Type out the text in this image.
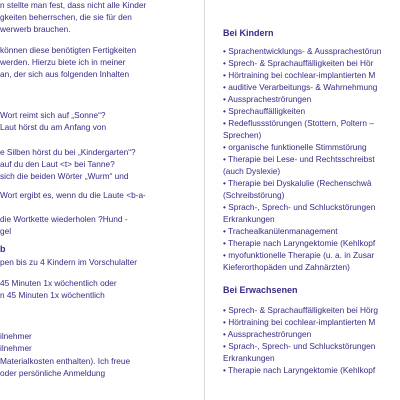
n stellte man fest, dass nicht alle Kinder
gkeiten beherrschen, die sie für den
werwerb brauchen.
können diese benötigten Fertigkeiten
werden. Hierzu biete ich in meiner
an, der sich aus folgenden Inhalten
Wort reimt sich auf „Sonne“?
Laut hörst du am Anfang von
e Silben hörst du bei „Kindergarten“?
auf du den Laut <t> bei Tanne?
sich die beiden Wörter „Wurm“ und
Wort ergibt es, wenn du die Laute <b-a-
die Wortkette wiederholen ?Hund -
gel
b
pen bis zu 4 Kindern im Vorschulalter
45 Minuten 1x wöchentlich oder
n 45 Minuten 1x wöchentlich
ilnehmer
ilnehmer
Materialkosten enthalten). Ich freue
oder persönliche Anmeldung
Bei Kindern
• Sprachentwicklungs- & Aussprachestörun
• Sprech- & Sprachauffälligkeiten bei Hör
• Hörtraining bei cochlear-implantierten M
• auditive Verarbeitungs- & Wahrnehmung
• Ausspracheströrungen
• Sprechauffälligkeiten
• Redeflussstörungen (Stottern, Poltern –
Sprechen)
• organische funktionelle Stimmstörung
• Therapie bei Lese- und Rechtsschreibst
(auch Dyslexie)
• Therapie bei Dyskalulie (Rechenschwä
(Schreibstörung)
• Sprach-, Sprech- und Schluckstörungen
Erkrankungen
• Trachealkanülenmanagement
• Therapie nach Laryngektomie (Kehlkopf
• myofunktionelle Therapie (u. a. in Zusar
Kieferorthopäden und Zahnärzten)
Bei Erwachsenen
• Sprech- & Sprachauffälligkeiten bei Hörg
• Hörtraining bei cochlear-implantierten M
• Ausspracheströrungen
• Sprach-, Sprech- und Schluckstörungen
Erkrankungen
• Therapie nach Laryngektomie (Kehlkopf
